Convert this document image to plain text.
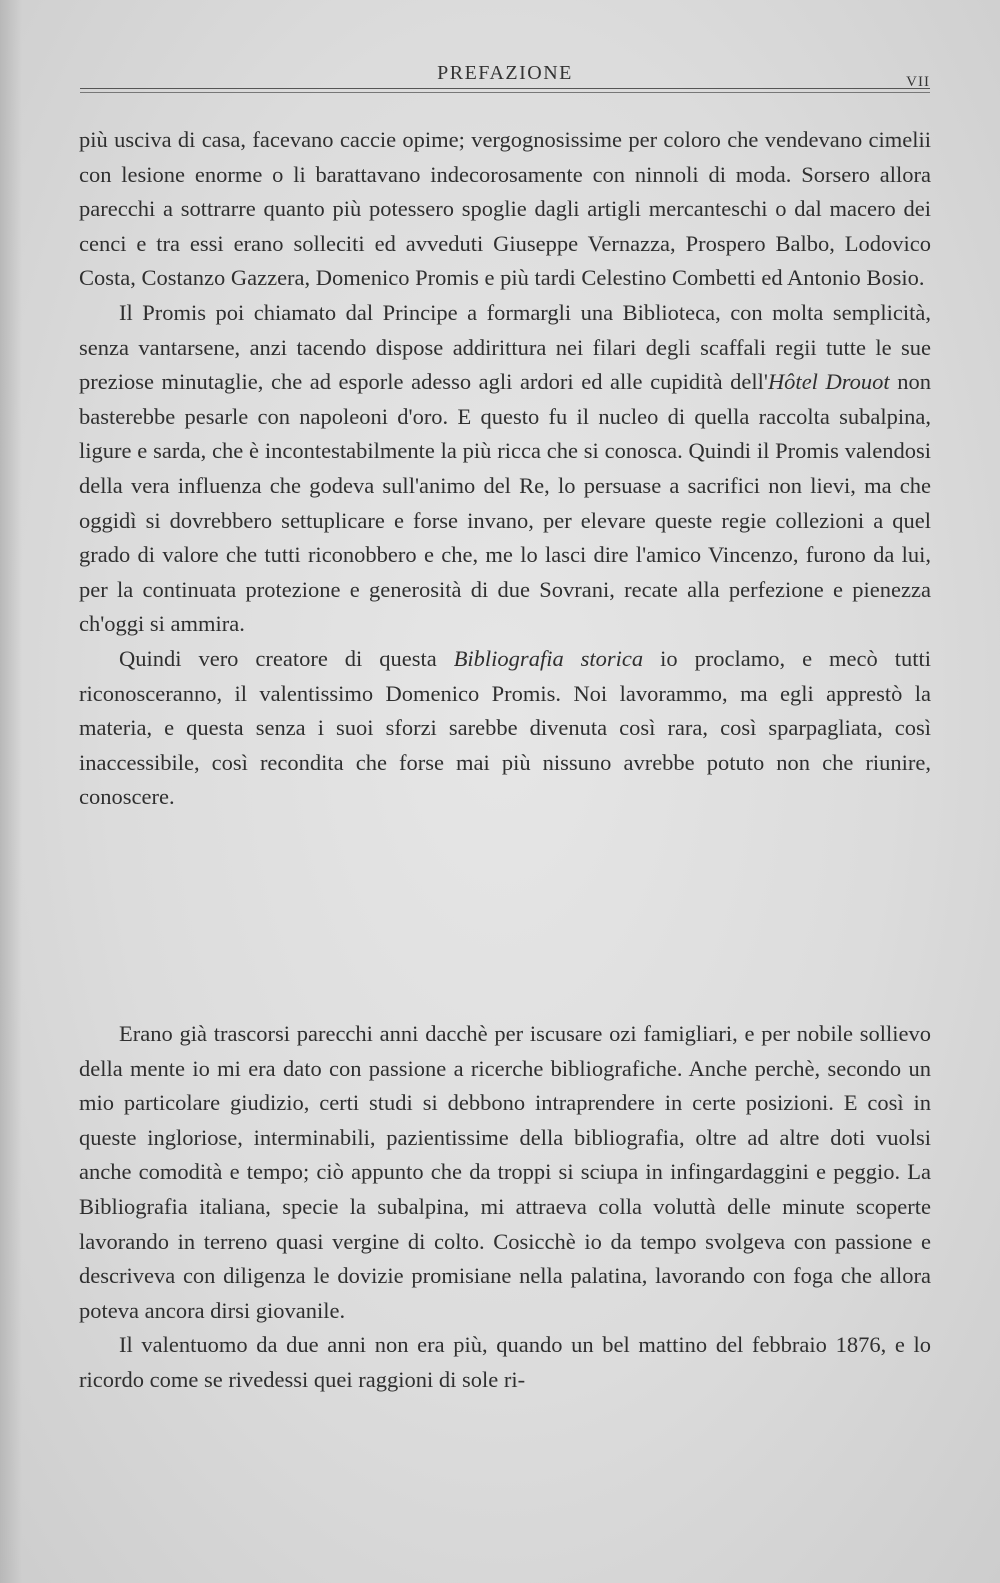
PREFAZIONE	VII

più usciva di casa, facevano caccie opime; vergognosissime per coloro che vendevano cimelii con lesione enorme o li barattavano indecorosamente con ninnoli di moda. Sorsero allora parecchi a sottrarre quanto più potessero spoglie dagli artigli mercanteschi o dal macero dei cenci e tra essi erano solleciti ed avveduti Giuseppe Vernazza, Prospero Balbo, Lodovico Costa, Costanzo Gazzera, Domenico Promis e più tardi Celestino Combetti ed Antonio Bosio.

Il Promis poi chiamato dal Principe a formargli una Biblioteca, con molta semplicità, senza vantarsene, anzi tacendo dispose addirittura nei filari degli scaffali regii tutte le sue preziose minutaglie, che ad esporle adesso agli ardori ed alle cupidità dell'Hôtel Drouot non basterebbe pesarle con napoleoni d'oro. E questo fu il nucleo di quella raccolta subalpina, ligure e sarda, che è incontestabilmente la più ricca che si conosca. Quindi il Promis valendosi della vera influenza che godeva sull'animo del Re, lo persuase a sacrifici non lievi, ma che oggidì si dovrebbero settuplicare e forse invano, per elevare queste regie collezioni a quel grado di valore che tutti riconobbero e che, me lo lasci dire l'amico Vincenzo, furono da lui, per la continuata protezione e generosità di due Sovrani, recate alla perfezione e pienezza ch'oggi si ammira.

Quindi vero creatore di questa Bibliografia storica io proclamo, e mecò tutti riconosceranno, il valentissimo Domenico Promis. Noi lavorammo, ma egli apprestò la materia, e questa senza i suoi sforzi sarebbe divenuta così rara, così sparpagliata, così inaccessibile, così recondita che forse mai più nissuno avrebbe potuto non che riunire, conoscere.

Erano già trascorsi parecchi anni dacchè per iscusare ozi famigliari, e per nobile sollievo della mente io mi era dato con passione a ricerche bibliografiche. Anche perchè, secondo un mio particolare giudizio, certi studi si debbono intraprendere in certe posizioni. E così in queste ingloriose, interminabili, pazientissime della bibliografia, oltre ad altre doti vuolsi anche comodità e tempo; ciò appunto che da troppi si sciupa in infingardaggini e peggio. La Bibliografia italiana, specie la subalpina, mi attraeva colla voluttà delle minute scoperte lavorando in terreno quasi vergine di colto. Cosicchè io da tempo svolgeva con passione e descriveva con diligenza le dovizie promisiane nella palatina, lavorando con foga che allora poteva ancora dirsi giovanile.

Il valentuomo da due anni non era più, quando un bel mattino del febbraio 1876, e lo ricordo come se rivedessi quei raggioni di sole ri-
